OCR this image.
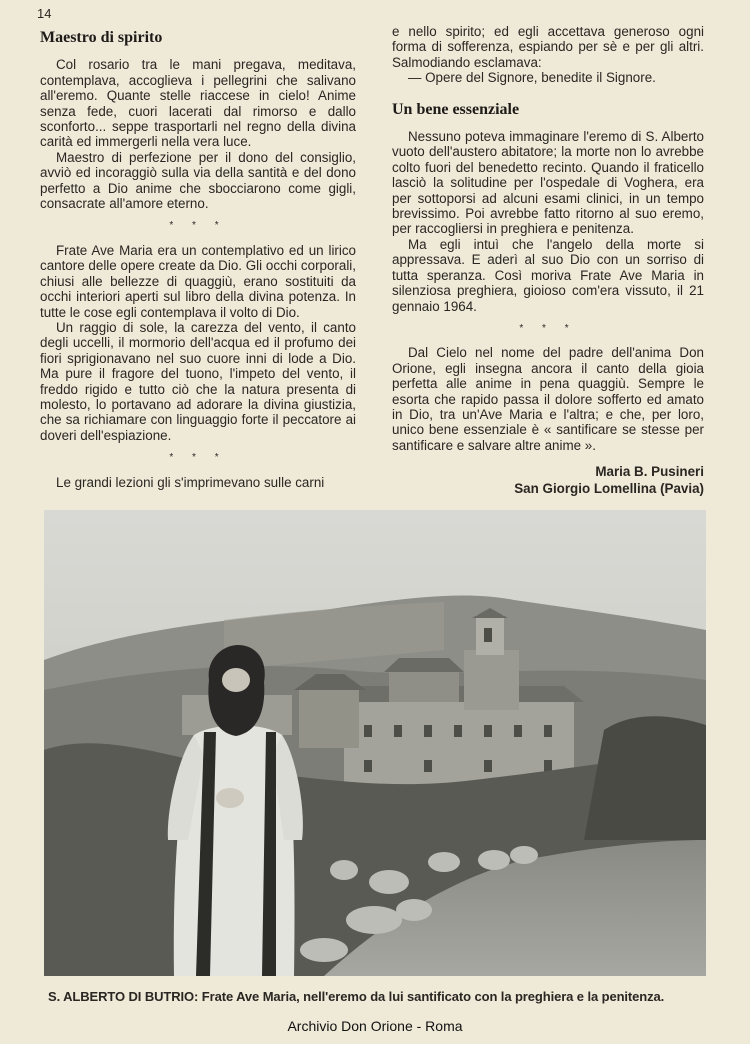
14
Maestro di spirito

Col rosario tra le mani pregava, meditava, contemplava, accoglieva i pellegrini che salivano all'eremo. Quante stelle riaccese in cielo! Anime senza fede, cuori lacerati dal rimorso e dallo sconforto... seppe trasportarli nel regno della divina carità ed immergerli nella vera luce.

Maestro di perfezione per il dono del consiglio, avviò ed incoraggiò sulla via della santità e del dono perfetto a Dio anime che sbocciarono come gigli, consacrate all'amore eterno.

* * *

Frate Ave Maria era un contemplativo ed un lirico cantore delle opere create da Dio. Gli occhi corporali, chiusi alle bellezze di quaggiù, erano sostituiti da occhi interiori aperti sul libro della divina potenza. In tutte le cose egli contemplava il volto di Dio.

Un raggio di sole, la carezza del vento, il canto degli uccelli, il mormorio dell'acqua ed il profumo dei fiori sprigionavano nel suo cuore inni di lode a Dio. Ma pure il fragore del tuono, l'impeto del vento, il freddo rigido e tutto ciò che la natura presenta di molesto, lo portavano ad adorare la divina giustizia, che sa richiamare con linguaggio forte il peccatore ai doveri dell'espiazione.

* * *

Le grandi lezioni gli s'imprimevano sulle carni

e nello spirito; ed egli accettava generoso ogni forma di sofferenza, espiando per sè e per gli altri. Salmodiando esclamava:

— Opere del Signore, benedite il Signore.

Un bene essenziale

Nessuno poteva immaginare l'eremo di S. Alberto vuoto dell'austero abitatore; la morte non lo avrebbe colto fuori del benedetto recinto. Quando il fraticello lasciò la solitudine per l'ospedale di Voghera, era per sottoporsi ad alcuni esami clinici, in un tempo brevissimo. Poi avrebbe fatto ritorno al suo eremo, per raccogliersi in preghiera e penitenza.

Ma egli intuì che l'angelo della morte si appressava. E aderì al suo Dio con un sorriso di tutta speranza. Così moriva Frate Ave Maria in silenziosa preghiera, gioioso com'era vissuto, il 21 gennaio 1964.

* * *

Dal Cielo nel nome del padre dell'anima Don Orione, egli insegna ancora il canto della gioia perfetta alle anime in pena quaggiù. Sempre le esorta che rapido passa il dolore sofferto ed amato in Dio, tra un'Ave Maria e l'altra; e che, per loro, unico bene essenziale è « santificare se stesse per santificare e salvare altre anime ».

Maria B. Pusineri
San Giorgio Lomellina (Pavia)
S. ALBERTO DI BUTRIO: Frate Ave Maria, nell'eremo da lui santificato con la preghiera e la penitenza.
Archivio Don Orione - Roma
